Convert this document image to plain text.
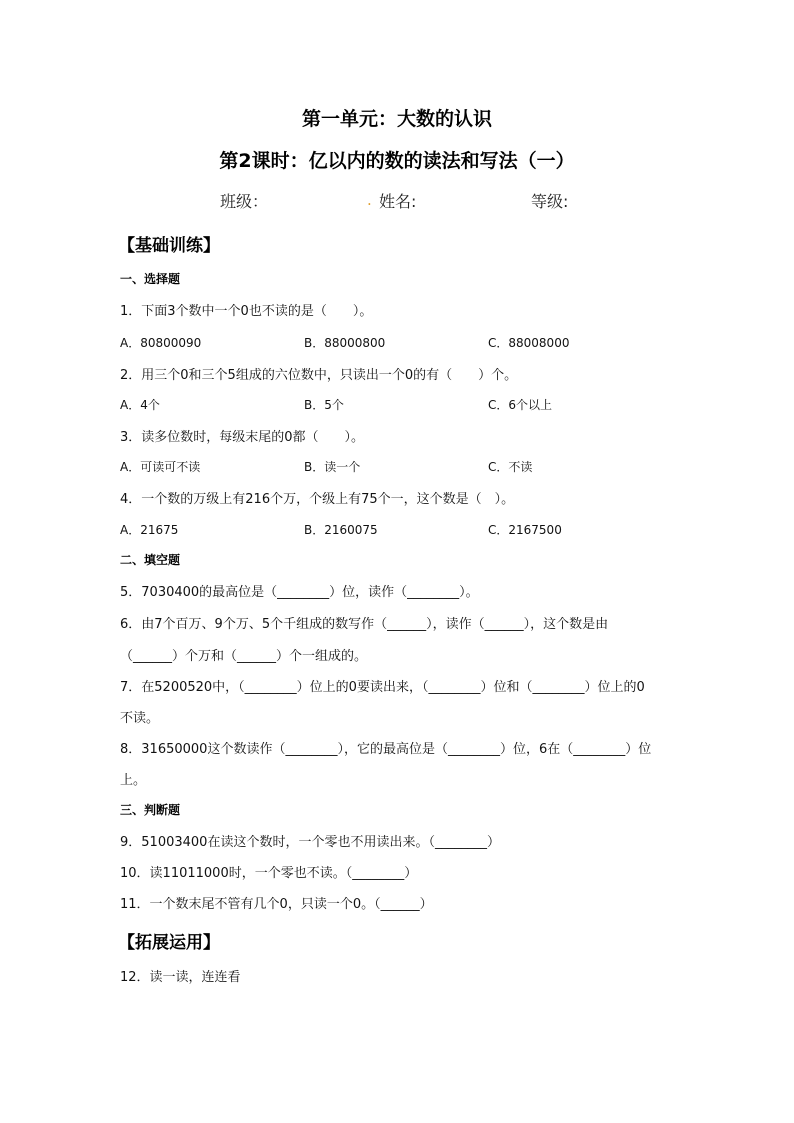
第一单元：大数的认识
第2课时：亿以内的数的读法和写法（一）
班级：	. 姓名:	等级:
【基础训练】
一、选择题
1．下面3个数中一个0也不读的是（　　）。
A．80800090	B．88000800	C．88008000
2．用三个0和三个5组成的六位数中，只读出一个0的有（　　）个。
A．4个	B．5个	C．6个以上
3．读多位数时，每级末尾的0都（　　）。
A．可读可不读	B．读一个	C．不读
4．一个数的万级上有216个万，个级上有75个一，这个数是（　）。
A．21675	B．2160075	C．2167500
二、填空题
5．7030400的最高位是（________）位，读作（________）。
6．由7个百万、9个万、5个千组成的数写作（______），读作（______），这个数是由
（______）个万和（______）个一组成的。
7．在5200520中，（________）位上的0要读出来，（________）位和（________）位上的0
不读。
8．31650000这个数读作（________），它的最高位是（________）位，6在（________）位
上。
三、判断题
9．51003400在读这个数时，一个零也不用读出来。（________）
10．读11011000时，一个零也不读。（________）
11．一个数末尾不管有几个0，只读一个0。（______）
【拓展运用】
12．读一读，连连看
